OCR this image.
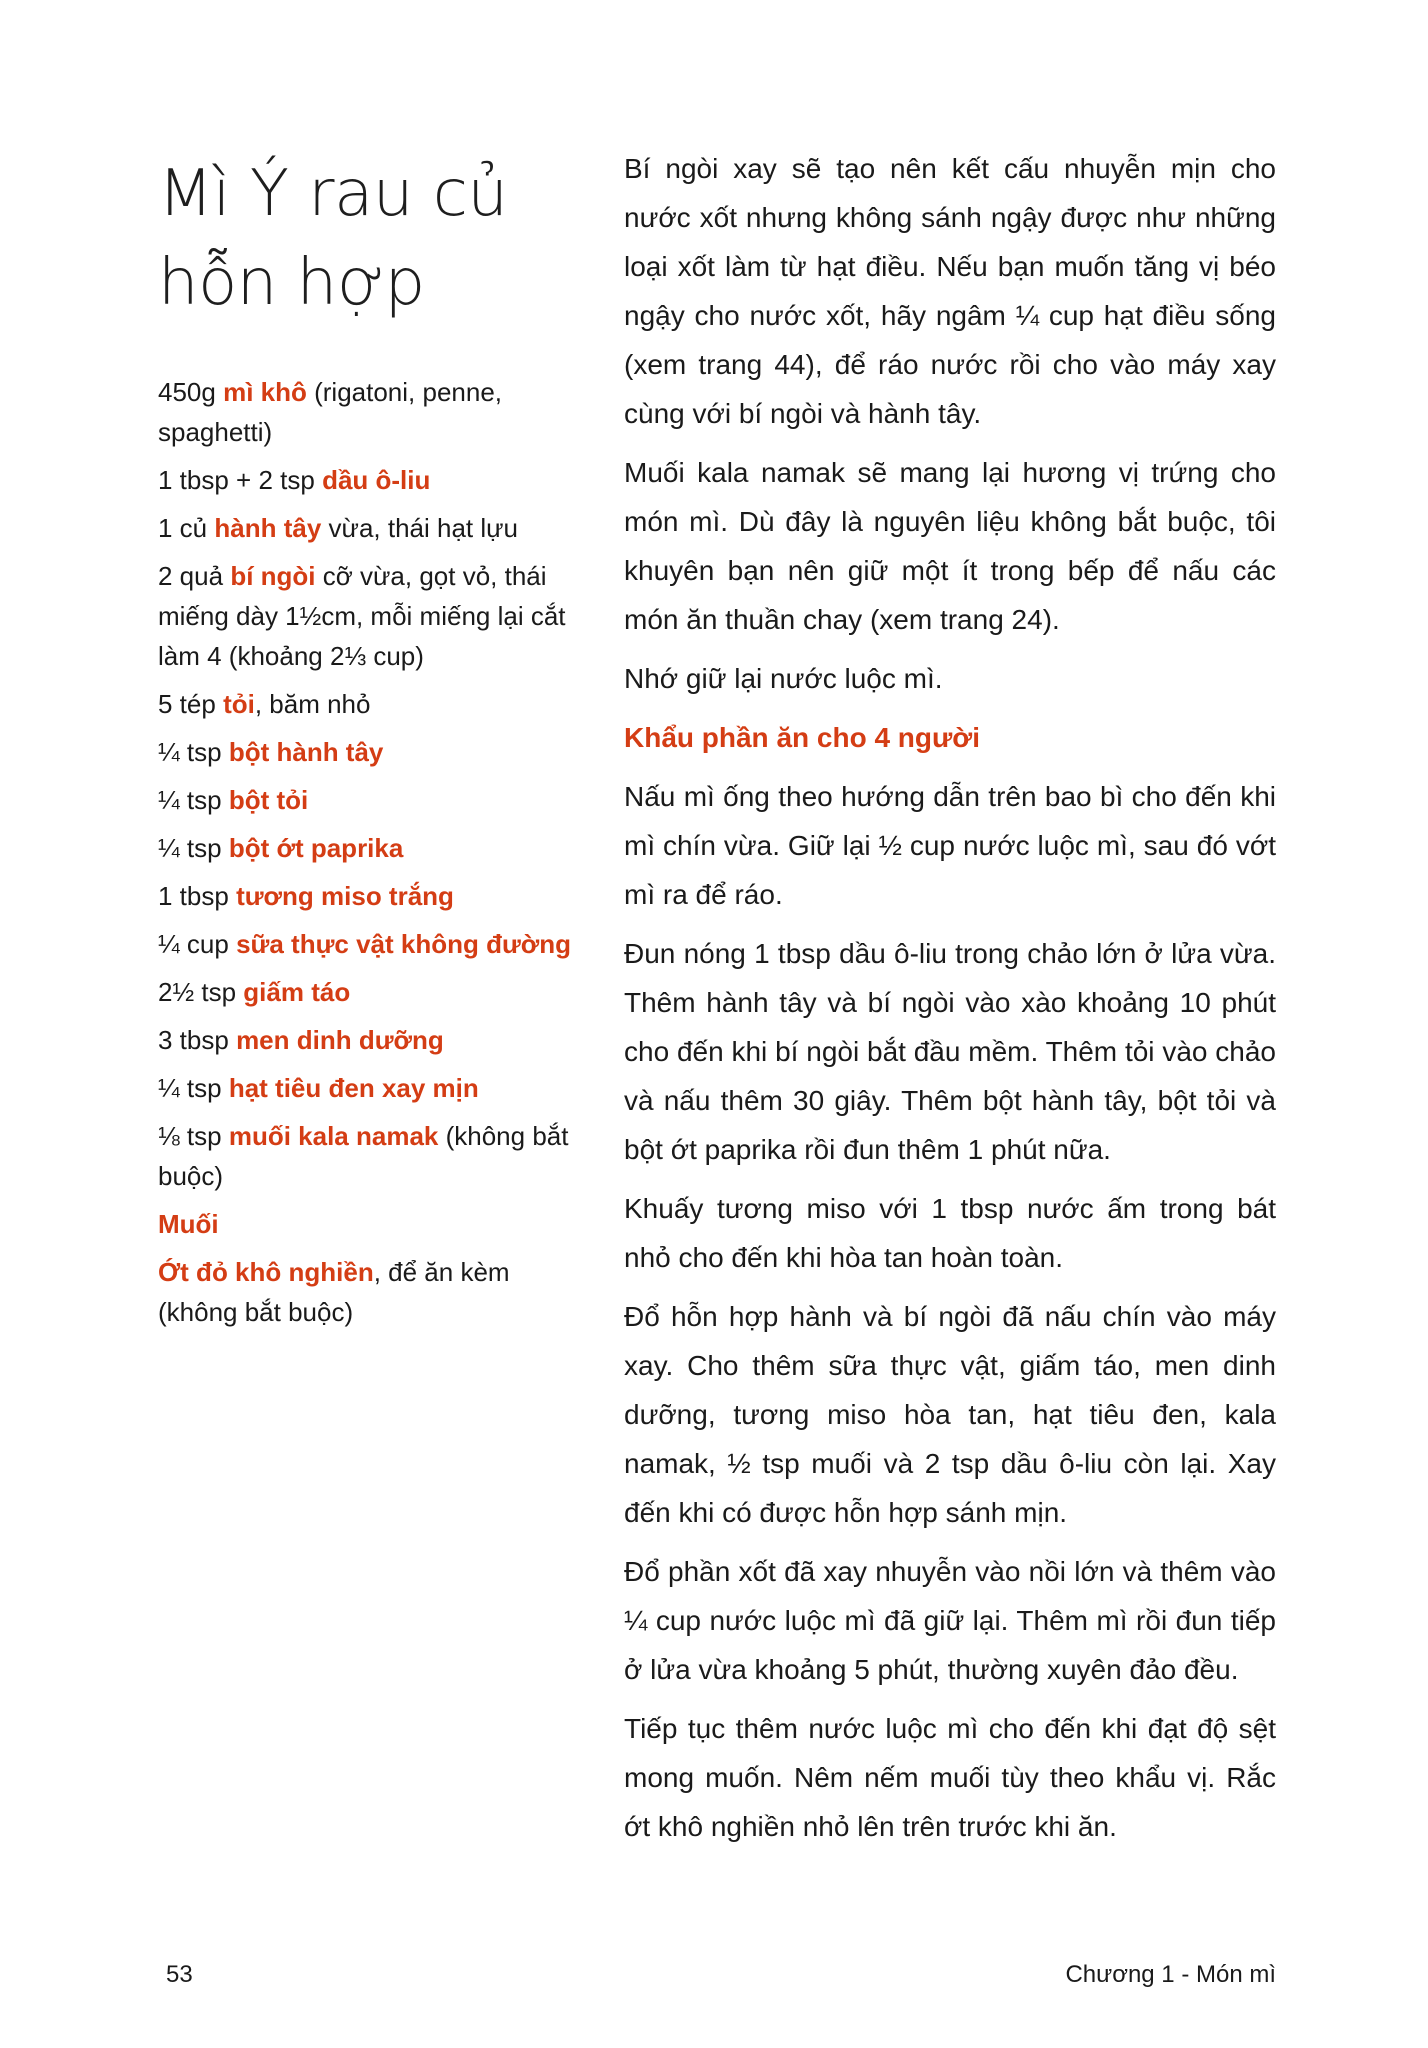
Mì Ý rau củ hỗn hợp
450g mì khô (rigatoni, penne, spaghetti)
1 tbsp + 2 tsp dầu ô-liu
1 củ hành tây vừa, thái hạt lựu
2 quả bí ngòi cỡ vừa, gọt vỏ, thái miếng dày 1½cm, mỗi miếng lại cắt làm 4 (khoảng 2⅓ cup)
5 tép tỏi, băm nhỏ
¼ tsp bột hành tây
¼ tsp bột tỏi
¼ tsp bột ớt paprika
1 tbsp tương miso trắng
¼ cup sữa thực vật không đường
2½ tsp giấm táo
3 tbsp men dinh dưỡng
¼ tsp hạt tiêu đen xay mịn
⅛ tsp muối kala namak (không bắt buộc)
Muối
Ớt đỏ khô nghiền, để ăn kèm (không bắt buộc)

Bí ngòi xay sẽ tạo nên kết cấu nhuyễn mịn cho nước xốt nhưng không sánh ngậy được như những loại xốt làm từ hạt điều. Nếu bạn muốn tăng vị béo ngậy cho nước xốt, hãy ngâm ¼ cup hạt điều sống (xem trang 44), để ráo nước rồi cho vào máy xay cùng với bí ngòi và hành tây.

Muối kala namak sẽ mang lại hương vị trứng cho món mì. Dù đây là nguyên liệu không bắt buộc, tôi khuyên bạn nên giữ một ít trong bếp để nấu các món ăn thuần chay (xem trang 24).

Nhớ giữ lại nước luộc mì.

Khẩu phần ăn cho 4 người

Nấu mì ống theo hướng dẫn trên bao bì cho đến khi mì chín vừa. Giữ lại ½ cup nước luộc mì, sau đó vớt mì ra để ráo.

Đun nóng 1 tbsp dầu ô-liu trong chảo lớn ở lửa vừa. Thêm hành tây và bí ngòi vào xào khoảng 10 phút cho đến khi bí ngòi bắt đầu mềm. Thêm tỏi vào chảo và nấu thêm 30 giây. Thêm bột hành tây, bột tỏi và bột ớt paprika rồi đun thêm 1 phút nữa.

Khuấy tương miso với 1 tbsp nước ấm trong bát nhỏ cho đến khi hòa tan hoàn toàn.

Đổ hỗn hợp hành và bí ngòi đã nấu chín vào máy xay. Cho thêm sữa thực vật, giấm táo, men dinh dưỡng, tương miso hòa tan, hạt tiêu đen, kala namak, ½ tsp muối và 2 tsp dầu ô-liu còn lại. Xay đến khi có được hỗn hợp sánh mịn.

Đổ phần xốt đã xay nhuyễn vào nồi lớn và thêm vào ¼ cup nước luộc mì đã giữ lại. Thêm mì rồi đun tiếp ở lửa vừa khoảng 5 phút, thường xuyên đảo đều.

Tiếp tục thêm nước luộc mì cho đến khi đạt độ sệt mong muốn. Nêm nếm muối tùy theo khẩu vị. Rắc ớt khô nghiền nhỏ lên trên trước khi ăn.

53	Chương 1 - Món mì
